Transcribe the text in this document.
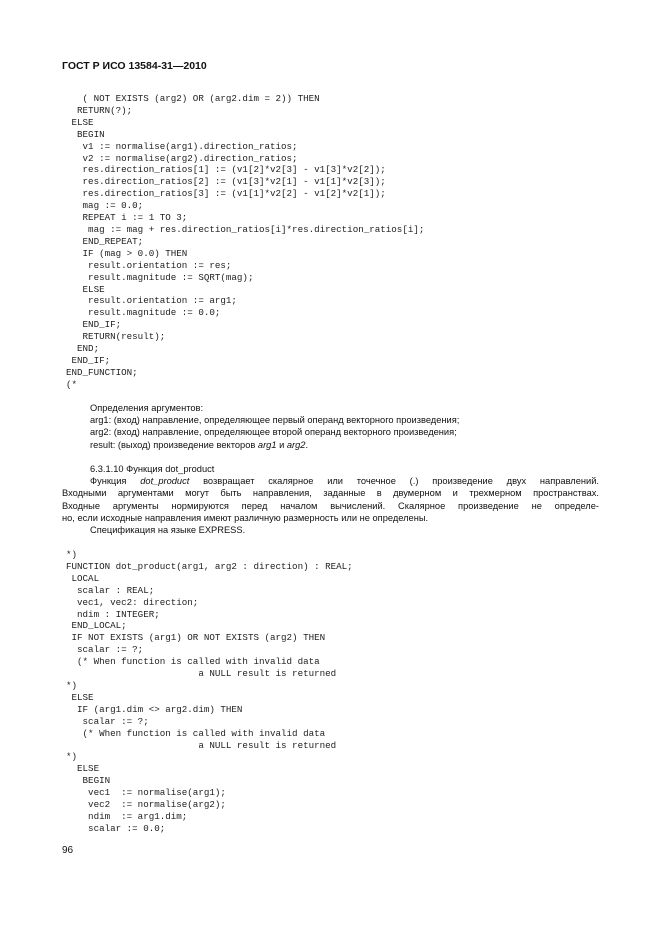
ГОСТ Р ИСО 13584-31—2010
( NOT EXISTS (arg2) OR (arg2.dim = 2)) THEN
RETURN(?);
ELSE
BEGIN
v1 := normalise(arg1).direction_ratios;
v2 := normalise(arg2).direction_ratios;
res.direction_ratios[1] := (v1[2]*v2[3] - v1[3]*v2[2]);
res.direction_ratios[2] := (v1[3]*v2[1] - v1[1]*v2[3]);
res.direction_ratios[3] := (v1[1]*v2[2] - v1[2]*v2[1]);
mag := 0.0;
REPEAT i := 1 TO 3;
mag := mag + res.direction_ratios[i]*res.direction_ratios[i];
END_REPEAT;
IF (mag > 0.0) THEN
result.orientation := res;
result.magnitude := SQRT(mag);
ELSE
result.orientation := arg1;
result.magnitude := 0.0;
END_IF;
RETURN(result);
END;
END_IF;
END_FUNCTION;
(*
Определения аргументов:
arg1: (вход) направление, определяющее первый операнд векторного произведения;
arg2: (вход) направление, определяющее второй операнд векторного произведения;
result: (выход) произведение векторов arg1 и arg2.
6.3.1.10 Функция dot_product
Функция dot_product возвращает скалярное или точечное (.) произведение двух направлений.
Входными аргументами могут быть направления, заданные в двумерном и трехмерном пространствах.
Входные аргументы нормируются перед началом вычислений. Скалярное произведение не определе-
но, если исходные направления имеют различную размерность или не определены.
Спецификация на языке EXPRESS.
*)
FUNCTION dot_product(arg1, arg2 : direction) : REAL;
LOCAL
scalar : REAL;
vec1, vec2: direction;
ndim : INTEGER;
END_LOCAL;
IF NOT EXISTS (arg1) OR NOT EXISTS (arg2) THEN
scalar := ?;
(* When function is called with invalid data
a NULL result is returned
*)
ELSE
IF (arg1.dim <> arg2.dim) THEN
scalar := ?;
(* When function is called with invalid data
a NULL result is returned
*)
ELSE
BEGIN
vec1  := normalise(arg1);
vec2  := normalise(arg2);
ndim  := arg1.dim;
scalar := 0.0;
96
